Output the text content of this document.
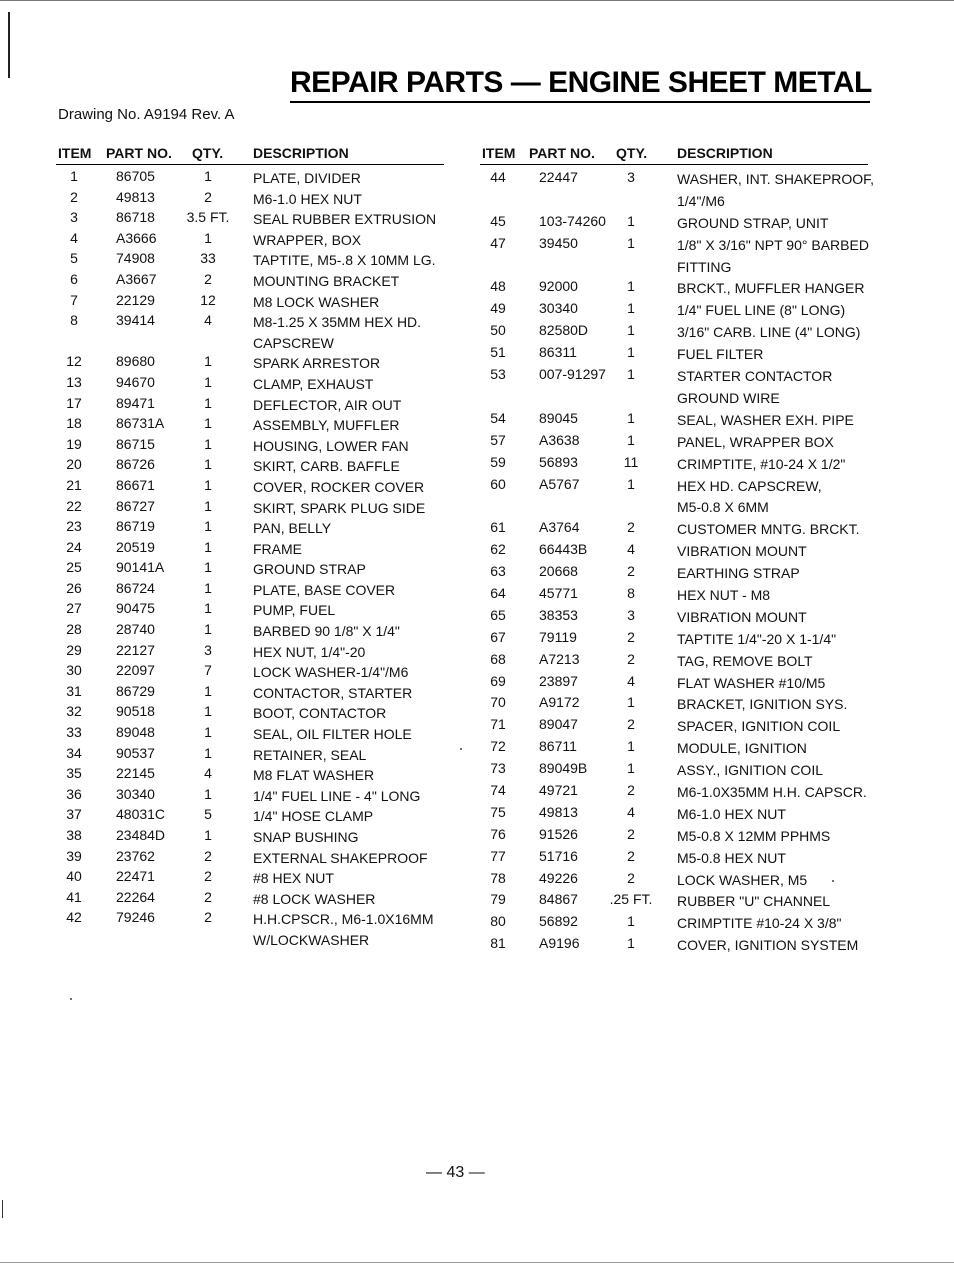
REPAIR PARTS — ENGINE SHEET METAL
Drawing No. A9194 Rev. A
ITEM PART NO. QTY. DESCRIPTION
1	86705	1	PLATE, DIVIDER
2	49813	2	M6-1.0 HEX NUT
3	86718	3.5 FT.	SEAL RUBBER EXTRUSION
4	A3666	1	WRAPPER, BOX
5	74908	33	TAPTITE, M5-.8 X 10MM LG.
6	A3667	2	MOUNTING BRACKET
7	22129	12	M8 LOCK WASHER
8	39414	4	M8-1.25 X 35MM HEX HD.
CAPSCREW
12	89680	1	SPARK ARRESTOR
13	94670	1	CLAMP, EXHAUST
17	89471	1	DEFLECTOR, AIR OUT
18	86731A	1	ASSEMBLY, MUFFLER
19	86715	1	HOUSING, LOWER FAN
20	86726	1	SKIRT, CARB. BAFFLE
21	86671	1	COVER, ROCKER COVER
22	86727	1	SKIRT, SPARK PLUG SIDE
23	86719	1	PAN, BELLY
24	20519	1	FRAME
25	90141A	1	GROUND STRAP
26	86724	1	PLATE, BASE COVER
27	90475	1	PUMP, FUEL
28	28740	1	BARBED 90 1/8" X 1/4"
29	22127	3	HEX NUT, 1/4"-20
30	22097	7	LOCK WASHER-1/4"/M6
31	86729	1	CONTACTOR, STARTER
32	90518	1	BOOT, CONTACTOR
33	89048	1	SEAL, OIL FILTER HOLE
34	90537	1	RETAINER, SEAL
35	22145	4	M8 FLAT WASHER
36	30340	1	1/4" FUEL LINE - 4" LONG
37	48031C	5	1/4" HOSE CLAMP
38	23484D	1	SNAP BUSHING
39	23762	2	EXTERNAL SHAKEPROOF
40	22471	2	#8 HEX NUT
41	22264	2	#8 LOCK WASHER
42	79246	2	H.H.CPSCR., M6-1.0X16MM
W/LOCKWASHER
ITEM PART NO. QTY. DESCRIPTION
44	22447	3	WASHER, INT. SHAKEPROOF,
1/4"/M6
45	103-74260	1	GROUND STRAP, UNIT
47	39450	1	1/8" X 3/16" NPT 90° BARBED
FITTING
48	92000	1	BRCKT., MUFFLER HANGER
49	30340	1	1/4" FUEL LINE (8" LONG)
50	82580D	1	3/16" CARB. LINE (4" LONG)
51	86311	1	FUEL FILTER
53	007-91297	1	STARTER CONTACTOR
GROUND WIRE
54	89045	1	SEAL, WASHER EXH. PIPE
57	A3638	1	PANEL, WRAPPER BOX
59	56893	11	CRIMPTITE, #10-24 X 1/2"
60	A5767	1	HEX HD. CAPSCREW,
M5-0.8 X 6MM
61	A3764	2	CUSTOMER MNTG. BRCKT.
62	66443B	4	VIBRATION MOUNT
63	20668	2	EARTHING STRAP
64	45771	8	HEX NUT - M8
65	38353	3	VIBRATION MOUNT
67	79119	2	TAPTITE 1/4"-20 X 1-1/4"
68	A7213	2	TAG, REMOVE BOLT
69	23897	4	FLAT WASHER #10/M5
70	A9172	1	BRACKET, IGNITION SYS.
71	89047	2	SPACER, IGNITION COIL
72	86711	1	MODULE, IGNITION
73	89049B	1	ASSY., IGNITION COIL
74	49721	2	M6-1.0X35MM H.H. CAPSCR.
75	49813	4	M6-1.0 HEX NUT
76	91526	2	M5-0.8 X 12MM PPHMS
77	51716	2	M5-0.8 HEX NUT
78	49226	2	LOCK WASHER, M5
79	84867	.25 FT.	RUBBER "U" CHANNEL
80	56892	1	CRIMPTITE #10-24 X 3/8"
81	A9196	1	COVER, IGNITION SYSTEM
— 43 —
